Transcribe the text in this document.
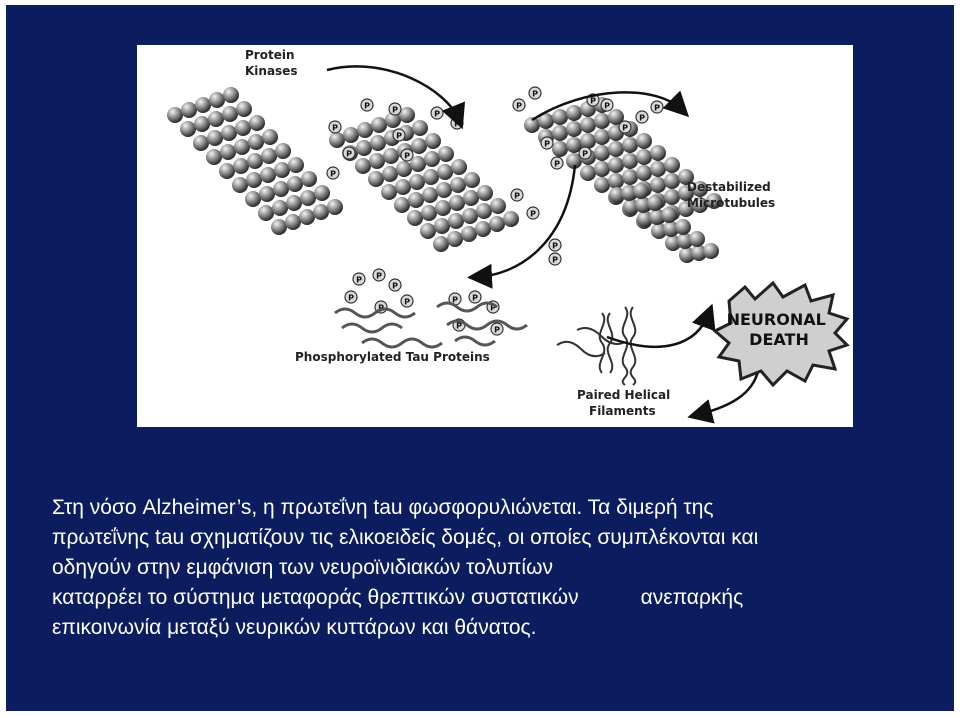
P
P
P
P	P
P
P
P
P
P
P
P
P
P
P
P
P
P
P
P
P
P
P
P P
P
P
P
P	P P
P
P	P
Protein Kinases
Destabilized Microtubules
Phosphorylated Tau Proteins
Paired Helical Filaments
NEURONAL DEATH
Στη νόσο Alzheimer’s, η πρωτεΐνη tau φωσφορυλιώνεται. Τα διμερή της
πρωτεΐνης tau σχηματίζουν τις ελικοειδείς δομές, οι οποίες συμπλέκονται και
οδηγούν στην εμφάνιση των νευροϊνιδιακών τολυπίων
καταρρέει το σύστημα μεταφοράς θρεπτικών συστατικών	ανεπαρκής
επικοινωνία μεταξύ νευρικών κυττάρων και θάνατος.
